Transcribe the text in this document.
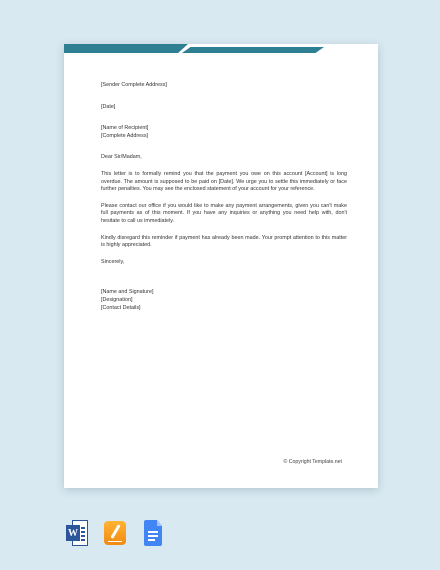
[Sender Complete Address]

[Date]

[Name of Recipient]

[Complete Address]

Dear Sir/Madam,

This letter is to formally remind you that the payment you owe on this account [Account] is long overdue. The amount is supposed to be paid on [Date]. We urge you to settle this immediately or face further penalties. You may see the enclosed statement of your account for your reference.

Please contact our office if you would like to make any payment arrangements, given you can't make full payments as of this moment. If you have any inquiries or anything you need help with, don't hesitate to call us immediately.

Kindly disregard this reminder if payment has already been made. Your prompt attention to this matter is highly appreciated.

Sincerely,

[Name and Signature]

[Designation]

[Contact Details]

© Copyright Template.net
W
